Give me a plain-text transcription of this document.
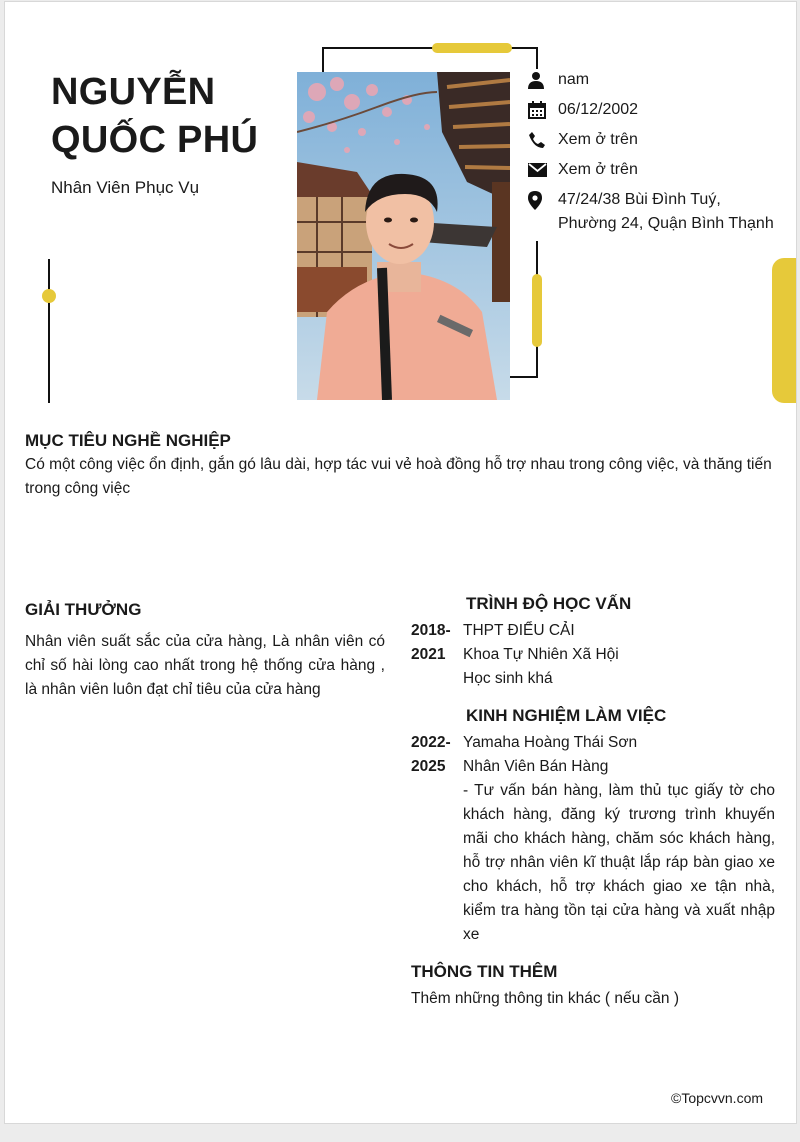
NGUYỄN
QUỐC PHÚ
Nhân Viên Phục Vụ
nam
06/12/2002
Xem ở trên
Xem ở trên
47/24/38 Bùi Đình Tuý, Phường 24, Quận Bình Thạnh
MỤC TIÊU NGHỀ NGHIỆP
Có một công việc ổn định, gắn gó lâu dài, hợp tác vui vẻ hoà đồng hỗ trợ nhau trong công việc, và thăng tiến trong công việc
GIẢI THƯỞNG
Nhân viên suất sắc của cửa hàng, Là nhân viên có chỉ số hài lòng cao nhất trong hệ thống cửa hàng , là nhân viên luôn đạt chỉ tiêu của cửa hàng
TRÌNH ĐỘ HỌC VẤN
2018-
2021
THPT ĐIỂU CẢI
Khoa Tự Nhiên Xã Hội
Học sinh khá
KINH NGHIỆM LÀM VIỆC
2022-
2025
Yamaha Hoàng Thái Sơn
Nhân Viên Bán Hàng
- Tư vấn bán hàng, làm thủ tục giấy tờ cho khách hàng, đăng ký trương trình khuyến mãi cho khách hàng, chăm sóc khách hàng, hỗ trợ nhân viên kĩ thuật lắp ráp bàn giao xe cho khách, hỗ trợ khách giao xe tận nhà, kiểm tra hàng tồn tại cửa hàng và xuất nhập xe
THÔNG TIN THÊM
Thêm những thông tin khác ( nếu cần )
©Topcvvn.com
